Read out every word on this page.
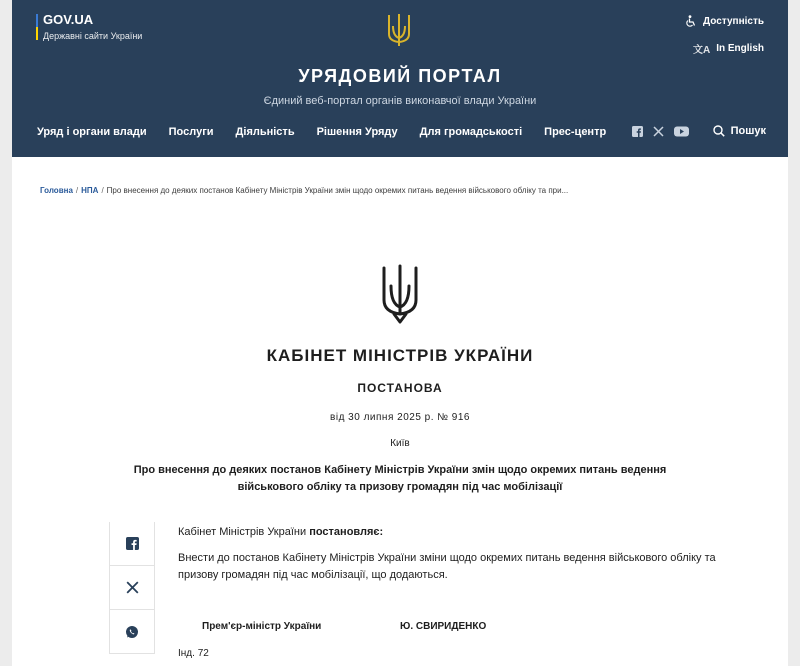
GOV.UA
Державні сайти України
Доступність
文A In English
УРЯДОВИЙ ПОРТАЛ
Єдиний веб-портал органів виконавчої влади України
Уряд і органи влади Послуги Діяльність Рішення Уряду Для громадськості Прес-центр	Пошук
Головна / НПА / Про внесення до деяких постанов Кабінету Міністрів України змін щодо окремих питань ведення військового обліку та при...
КАБІНЕТ МІНІСТРІВ УКРАЇНИ
ПОСТАНОВА
від 30 липня 2025 р. № 916
Київ
Про внесення до деяких постанов Кабінету Міністрів України змін щодо окремих питань ведення військового обліку та призову громадян під час мобілізації

Кабінет Міністрів України постановляє:

Внести до постанов Кабінету Міністрів України зміни щодо окремих питань ведення військового обліку та призову громадян під час мобілізації, що додаються.
Прем'єр-міністр України	Ю. СВИРИДЕНКО
Інд. 72
